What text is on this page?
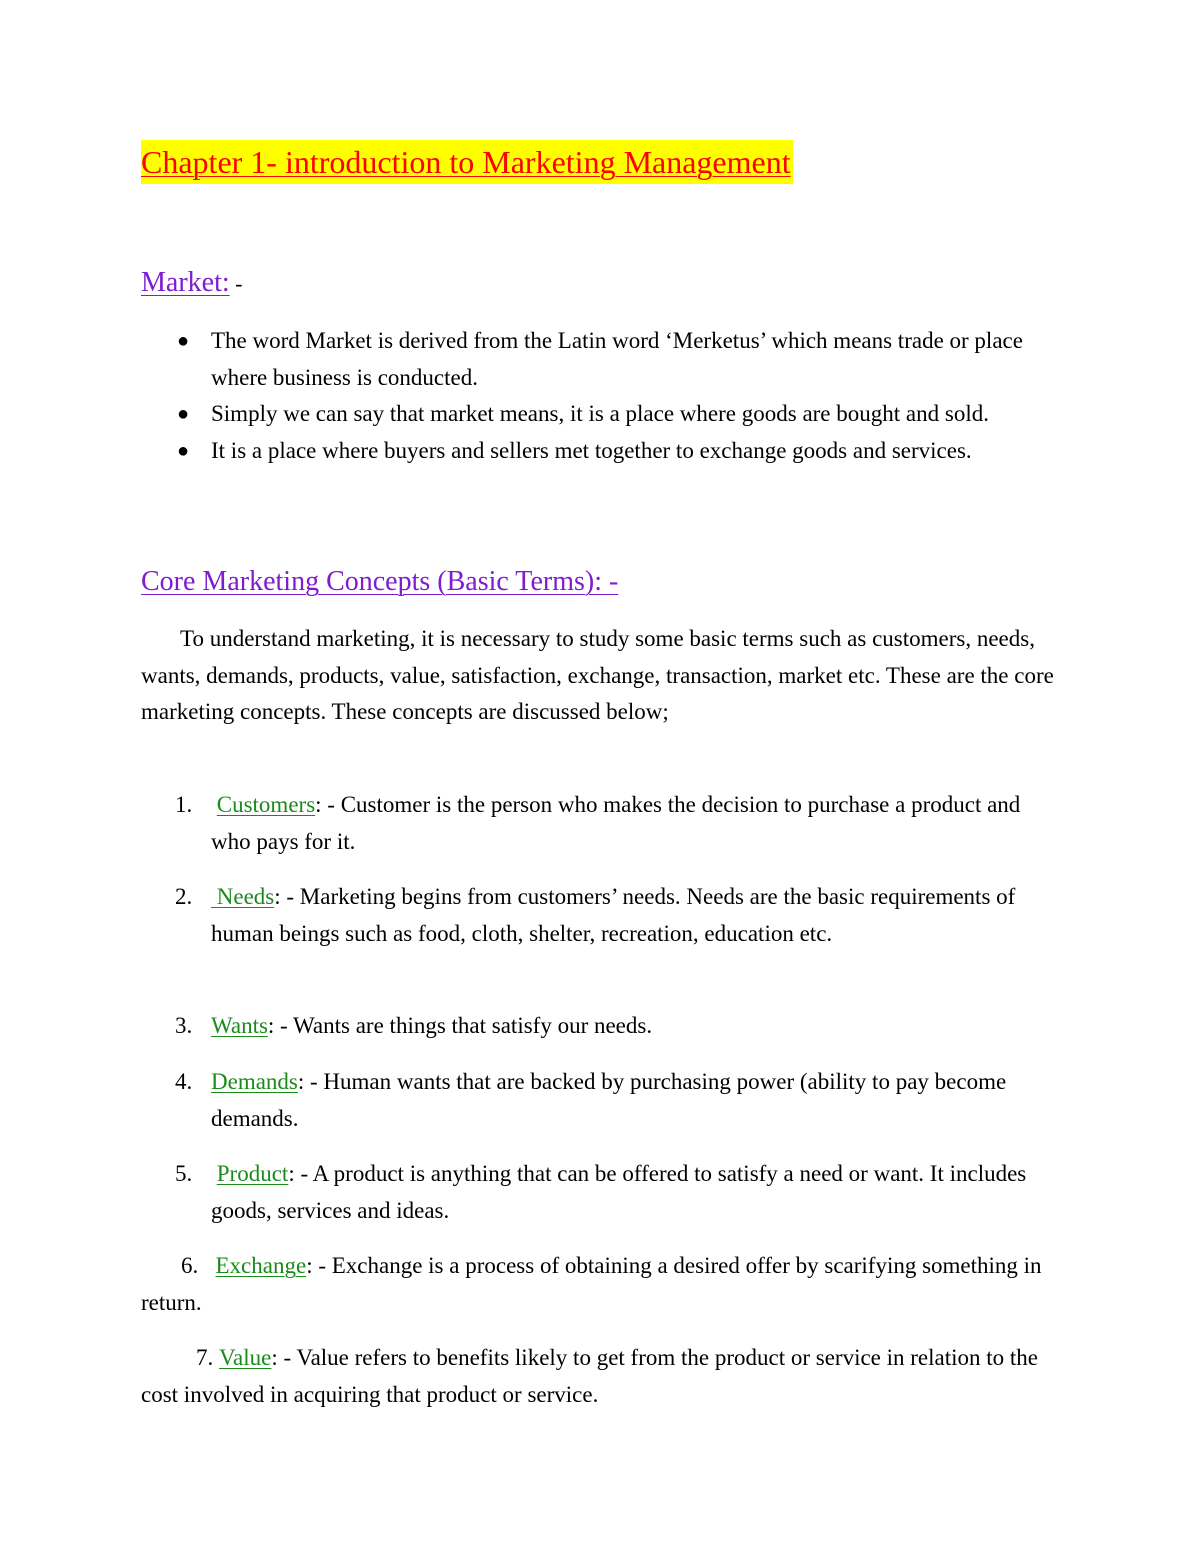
Chapter 1- introduction to Marketing Management
Market: -
● The word Market is derived from the Latin word ‘Merketus’ which means trade or place where business is conducted.
● Simply we can say that market means, it is a place where goods are bought and sold.
● It is a place where buyers and sellers met together to exchange goods and services.
Core Marketing Concepts (Basic Terms): -

To understand marketing, it is necessary to study some basic terms such as customers, needs, wants, demands, products, value, satisfaction, exchange, transaction, market etc. These are the core marketing concepts. These concepts are discussed below;

1. Customers: - Customer is the person who makes the decision to purchase a product and who pays for it.

2. Needs: - Marketing begins from customers’ needs. Needs are the basic requirements of human beings such as food, cloth, shelter, recreation, education etc.

3. Wants: - Wants are things that satisfy our needs.

4. Demands: - Human wants that are backed by purchasing power (ability to pay become demands.

5. Product: - A product is anything that can be offered to satisfy a need or want. It includes goods, services and ideas.

6. Exchange: - Exchange is a process of obtaining a desired offer by scarifying something in return.

7. Value: - Value refers to benefits likely to get from the product or service in relation to the cost involved in acquiring that product or service.
